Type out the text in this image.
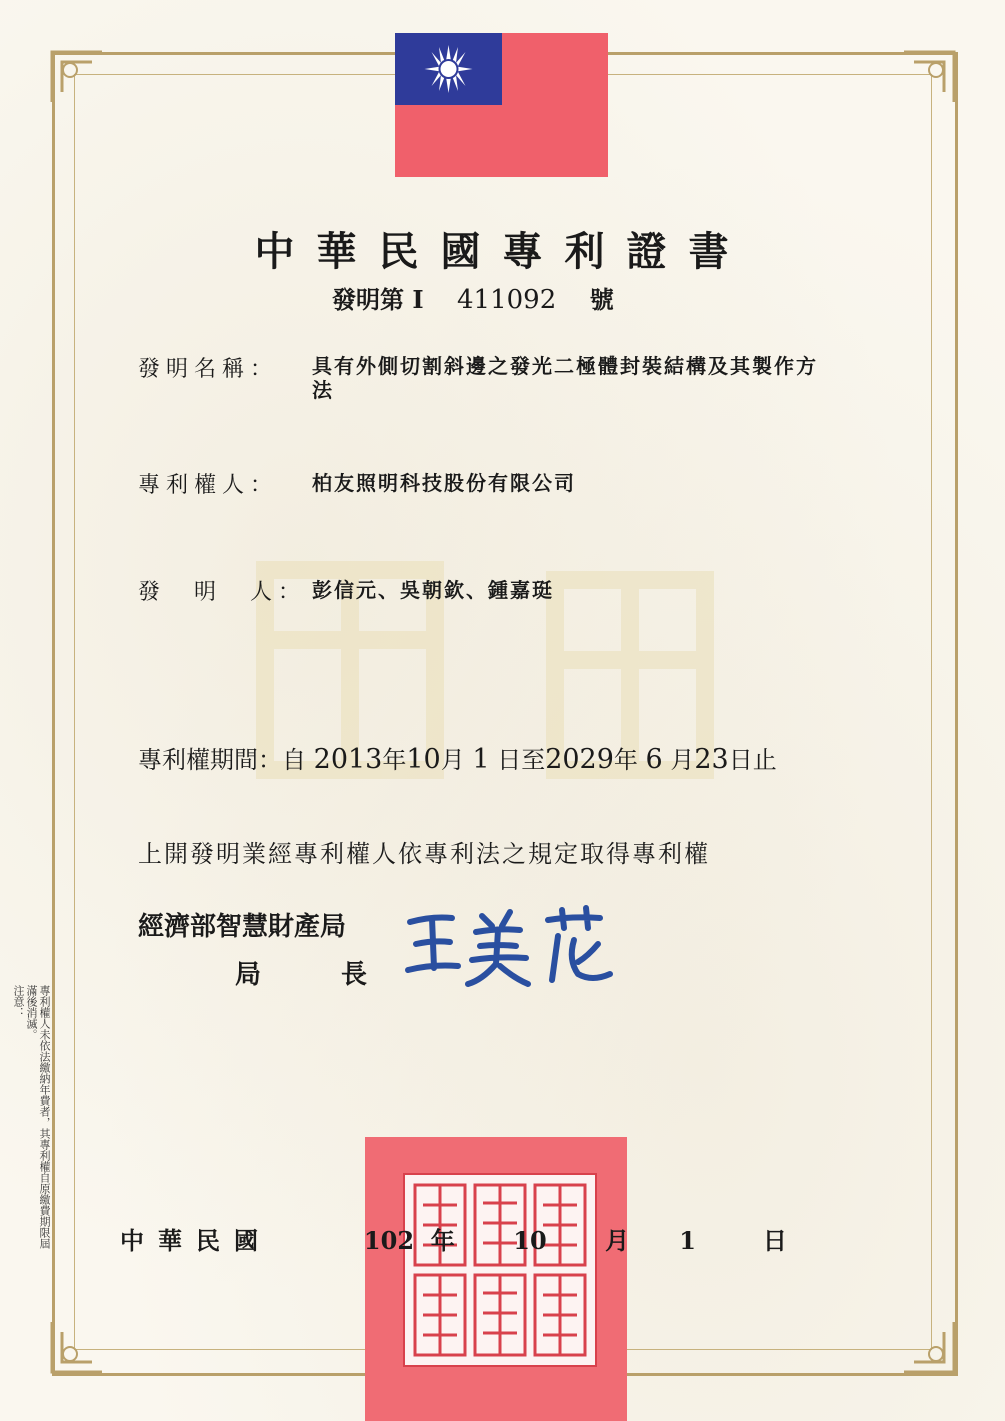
中華民國專利證書
發明第 I 411092 號
發明名稱： 具有外側切割斜邊之發光二極體封裝結構及其製作方法
專利權人： 柏友照明科技股份有限公司
發　明　人： 彭信元、吳朝欽、鍾嘉珽
專利權期間：自 2013年10月 1 日至2029年 6 月23日止
上開發明業經專利權人依專利法之規定取得專利權
經濟部智慧財產局
局長
注意：	專利權人未依法繳納年費者，其專利權自原繳費期限屆滿後消滅。
中華民國	102 年 10 月 1	日
